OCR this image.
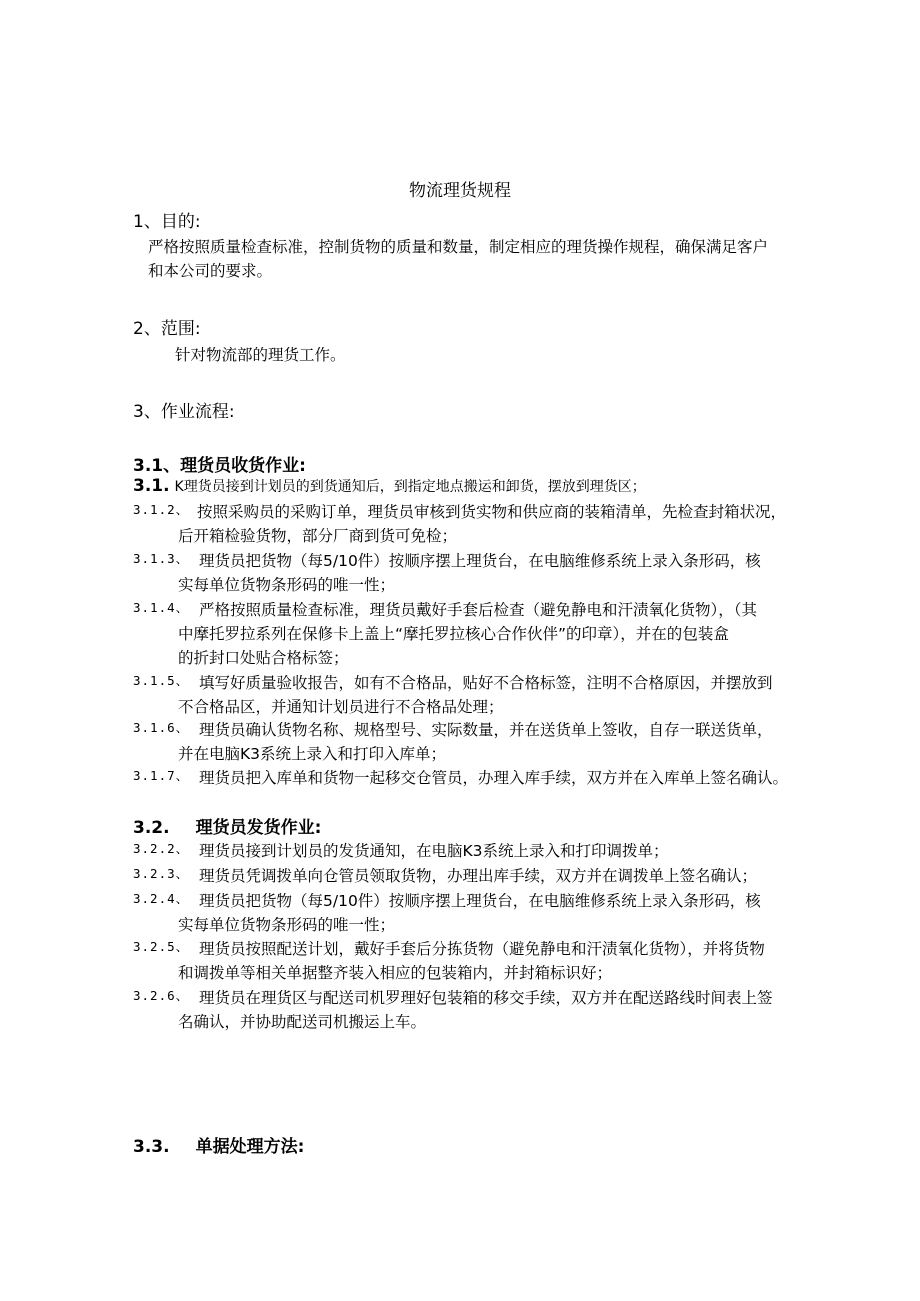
物流理货规程
1、目的:
严格按照质量检查标准，控制货物的质量和数量，制定相应的理货操作规程，确保满足客户
和本公司的要求。
2、范围:
针对物流部的理货工作。
3、作业流程:
3.1、理货员收货作业:
3.1. K理货员接到计划员的到货通知后，到指定地点搬运和卸货，摆放到理货区；
3.1.2、 按照采购员的采购订单，理货员审核到货实物和供应商的装箱清单，先检查封箱状况，
后开箱检验货物，部分厂商到货可免检；
3.1.3、 理货员把货物（每5/10件）按顺序摆上理货台，在电脑维修系统上录入条形码，核
实每单位货物条形码的唯一性；
3.1.4、 严格按照质量检查标准，理货员戴好手套后检查（避免静电和汗渍氧化货物），（其
中摩托罗拉系列在保修卡上盖上“摩托罗拉核心合作伙伴”的印章），并在的包装盒
的折封口处贴合格标签；
3.1.5、 填写好质量验收报告，如有不合格品，贴好不合格标签，注明不合格原因，并摆放到
不合格品区，并通知计划员进行不合格品处理；
3.1.6、 理货员确认货物名称、规格型号、实际数量，并在送货单上签收，自存一联送货单，
并在电脑K3系统上录入和打印入库单；
3.1.7、 理货员把入库单和货物一起移交仓管员，办理入库手续，双方并在入库单上签名确认。
3.2. 理货员发货作业:
3.2.2、 理货员接到计划员的发货通知，在电脑K3系统上录入和打印调拨单；
3.2.3、 理货员凭调拨单向仓管员领取货物，办理出库手续，双方并在调拨单上签名确认；
3.2.4、 理货员把货物（每5/10件）按顺序摆上理货台，在电脑维修系统上录入条形码，核
实每单位货物条形码的唯一性；
3.2.5、 理货员按照配送计划，戴好手套后分拣货物（避免静电和汗渍氧化货物），并将货物
和调拨单等相关单据整齐装入相应的包装箱内，并封箱标识好；
3.2.6、 理货员在理货区与配送司机罗理好包装箱的移交手续，双方并在配送路线时间表上签
名确认，并协助配送司机搬运上车。
3.3. 单据处理方法:
